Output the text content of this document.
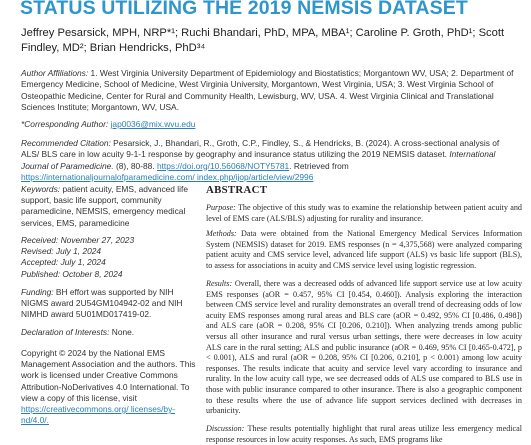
STATUS UTILIZING THE 2019 NEMSIS DATASET
Jeffrey Pesarsick, MPH, NRP*¹; Ruchi Bhandari, PhD, MPA, MBA¹; Caroline P. Groth, PhD¹; Scott
Findley, MD²; Brian Hendricks, PhD³⁴
Author Affiliations: 1. West Virginia University Department of Epidemiology and Biostatistics; Morgantown WV, USA; 2. Department of Emergency Medicine, School of Medicine, West Virginia University, Morgantown, West Virginia, USA; 3. West Virginia School of Osteopathic Medicine, Center for Rural and Community Health, Lewisburg, WV, USA. 4. West Virginia Clinical and Translational Sciences Institute; Morgantown, WV, USA.
*Corresponding Author: jap0036@mix.wvu.edu
Recommended Citation: Pesarsick, J., Bhandari, R., Groth, C.P., Findley, S., & Hendricks, B. (2024). A cross-sectional analysis of ALS/ BLS care in low acuity 9-1-1 response by geography and insurance status utilizing the 2019 NEMSIS dataset. International Journal of Paramedicine. (8), 80-88. https://doi.org/10.56068/NOTY5781. Retrieved from https://internationaljournalofparamedicine.com/ index.php/ijop/article/view/2996
Keywords: patient acuity, EMS, advanced life support, basic life support, community paramedicine, NEMSIS, emergency medical services, EMS, paramedicine
Received: November 27, 2023
Revised: July 1, 2024
Accepted: July 1, 2024
Published: October 8, 2024
Funding: BH effort was supported by NIH NIGMS award 2U54GM104942-02 and NIH NIMHD award 5U01MD017419-02.
Declaration of Interests: None.
Copyright © 2024 by the National EMS Management Association and the authors. This work is licensed under Creative Commons Attribution-NoDerivatives 4.0 International. To view a copy of this license, visit https://creativecommons.org/ licenses/by-nd/4.0/.
ABSTRACT

Purpose: The objective of this study was to examine the relationship between patient acuity and level of EMS care (ALS/BLS) adjusting for rurality and insurance.

Methods: Data were obtained from the National Emergency Medical Services Information System (NEMSIS) dataset for 2019. EMS responses (n = 4,375,568) were analyzed comparing patient acuity and CMS service level, advanced life support (ALS) vs basic life support (BLS), to assess for associations in acuity and CMS service level using logistic regression.

Results: Overall, there was a decreased odds of advanced life support service use at low acuity EMS responses (aOR = 0.457, 95% CI [0.454, 0.460]). Analysis exploring the interaction between CMS service level and rurality demonstrates an overall trend of decreasing odds of low acuity EMS responses among rural areas and BLS care (aOR = 0.492, 95% CI [0.486, 0.498]) and ALS care (aOR = 0.208, 95% CI [0.206, 0.210]). When analyzing trends among public versus all other insurance and rural versus urban settings, there were decreases in low acuity ALS care in the rural setting; ALS and public insurance (aOR = 0.469, 95% CI [0.465-0.472], p < 0.001), ALS and rural (aOR = 0.208, 95% CI [0.206, 0.210], p < 0.001) among low acuity responses. The results indicate that acuity and service level vary according to insurance and rurality. In the low acuity call type, we see decreased odds of ALS use compared to BLS use in those with public insurance compared to other insurance. There is also a geographic component to these results where the use of advance life support services declined with decreases in urbanicity.

Discussion: These results potentially highlight that rural areas utilize less emergency medical response resources in low acuity responses. As such, EMS programs like
